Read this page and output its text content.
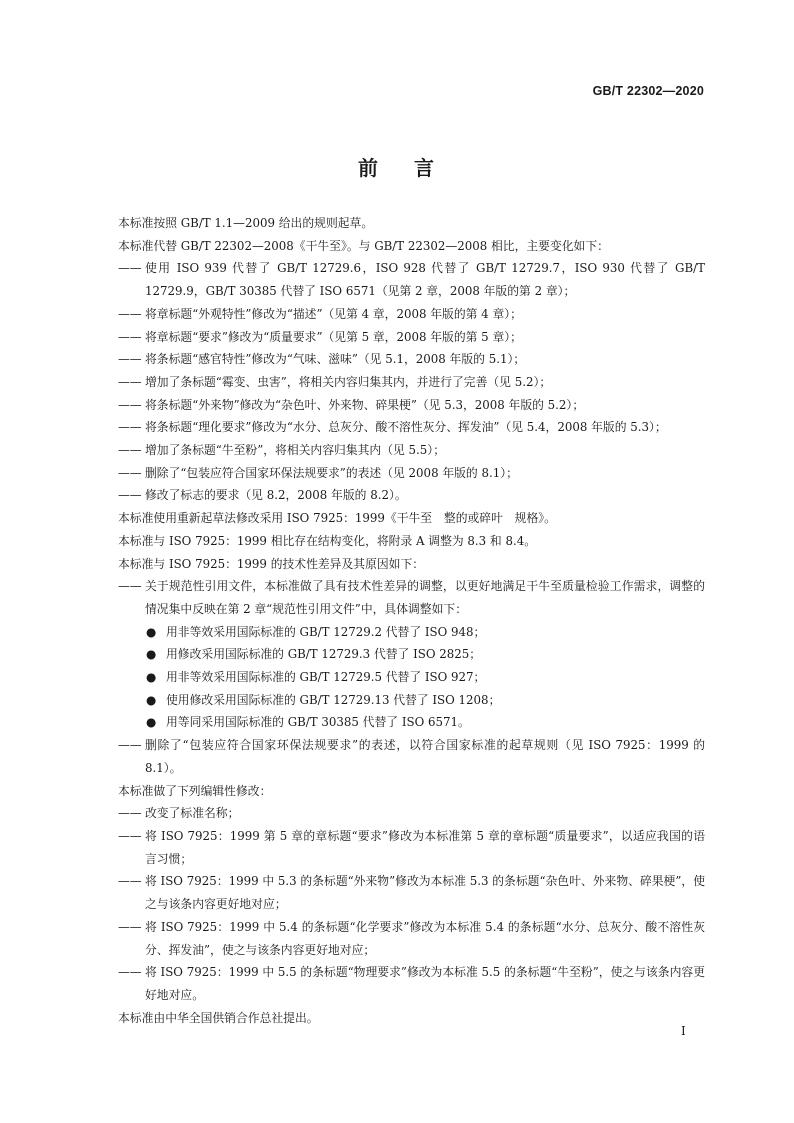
GB/T 22302—2020
前 言

本标准按照 GB/T 1.1—2009 给出的规则起草。

本标准代替 GB/T 22302—2008《干牛至》。与 GB/T 22302—2008 相比，主要变化如下：

—— 使用 ISO 939 代替了 GB/T 12729.6，ISO 928 代替了 GB/T 12729.7，ISO 930 代替了 GB/T 12729.9，GB/T 30385 代替了 ISO 6571（见第 2 章，2008 年版的第 2 章）；

—— 将章标题“外观特性”修改为“描述”（见第 4 章，2008 年版的第 4 章）；

—— 将章标题“要求”修改为“质量要求”（见第 5 章，2008 年版的第 5 章）；

—— 将条标题“感官特性”修改为“气味、滋味”（见 5.1，2008 年版的 5.1）；

—— 增加了条标题“霉变、虫害”，将相关内容归集其内，并进行了完善（见 5.2）；

—— 将条标题“外来物”修改为“杂色叶、外来物、碎果梗”（见 5.3，2008 年版的 5.2）；

—— 将条标题“理化要求”修改为“水分、总灰分、酸不溶性灰分、挥发油”（见 5.4，2008 年版的 5.3）；

—— 增加了条标题“牛至粉”，将相关内容归集其内（见 5.5）；

—— 删除了“包装应符合国家环保法规要求”的表述（见 2008 年版的 8.1）；

—— 修改了标志的要求（见 8.2，2008 年版的 8.2）。

本标准使用重新起草法修改采用 ISO 7925：1999《干牛至　整的或碎叶　规格》。

本标准与 ISO 7925：1999 相比存在结构变化，将附录 A 调整为 8.3 和 8.4。

本标准与 ISO 7925：1999 的技术性差异及其原因如下：

—— 关于规范性引用文件，本标准做了具有技术性差异的调整，以更好地满足干牛至质量检验工作需求，调整的情况集中反映在第 2 章“规范性引用文件”中，具体调整如下：

● 用非等效采用国际标准的 GB/T 12729.2 代替了 ISO 948；

● 用修改采用国际标准的 GB/T 12729.3 代替了 ISO 2825；

● 用非等效采用国际标准的 GB/T 12729.5 代替了 ISO 927；

● 使用修改采用国际标准的 GB/T 12729.13 代替了 ISO 1208；

● 用等同采用国际标准的 GB/T 30385 代替了 ISO 6571。

—— 删除了“包装应符合国家环保法规要求”的表述，以符合国家标准的起草规则（见 ISO 7925：1999 的 8.1）。

本标准做了下列编辑性修改：

—— 改变了标准名称；

—— 将 ISO 7925：1999 第 5 章的章标题“要求”修改为本标准第 5 章的章标题“质量要求”，以适应我国的语言习惯；

—— 将 ISO 7925：1999 中 5.3 的条标题“外来物”修改为本标准 5.3 的条标题“杂色叶、外来物、碎果梗”，使之与该条内容更好地对应；

—— 将 ISO 7925：1999 中 5.4 的条标题“化学要求”修改为本标准 5.4 的条标题“水分、总灰分、酸不溶性灰分、挥发油”，使之与该条内容更好地对应；

—— 将 ISO 7925：1999 中 5.5 的条标题“物理要求”修改为本标准 5.5 的条标题“牛至粉”，使之与该条内容更好地对应。

本标准由中华全国供销合作总社提出。

I
